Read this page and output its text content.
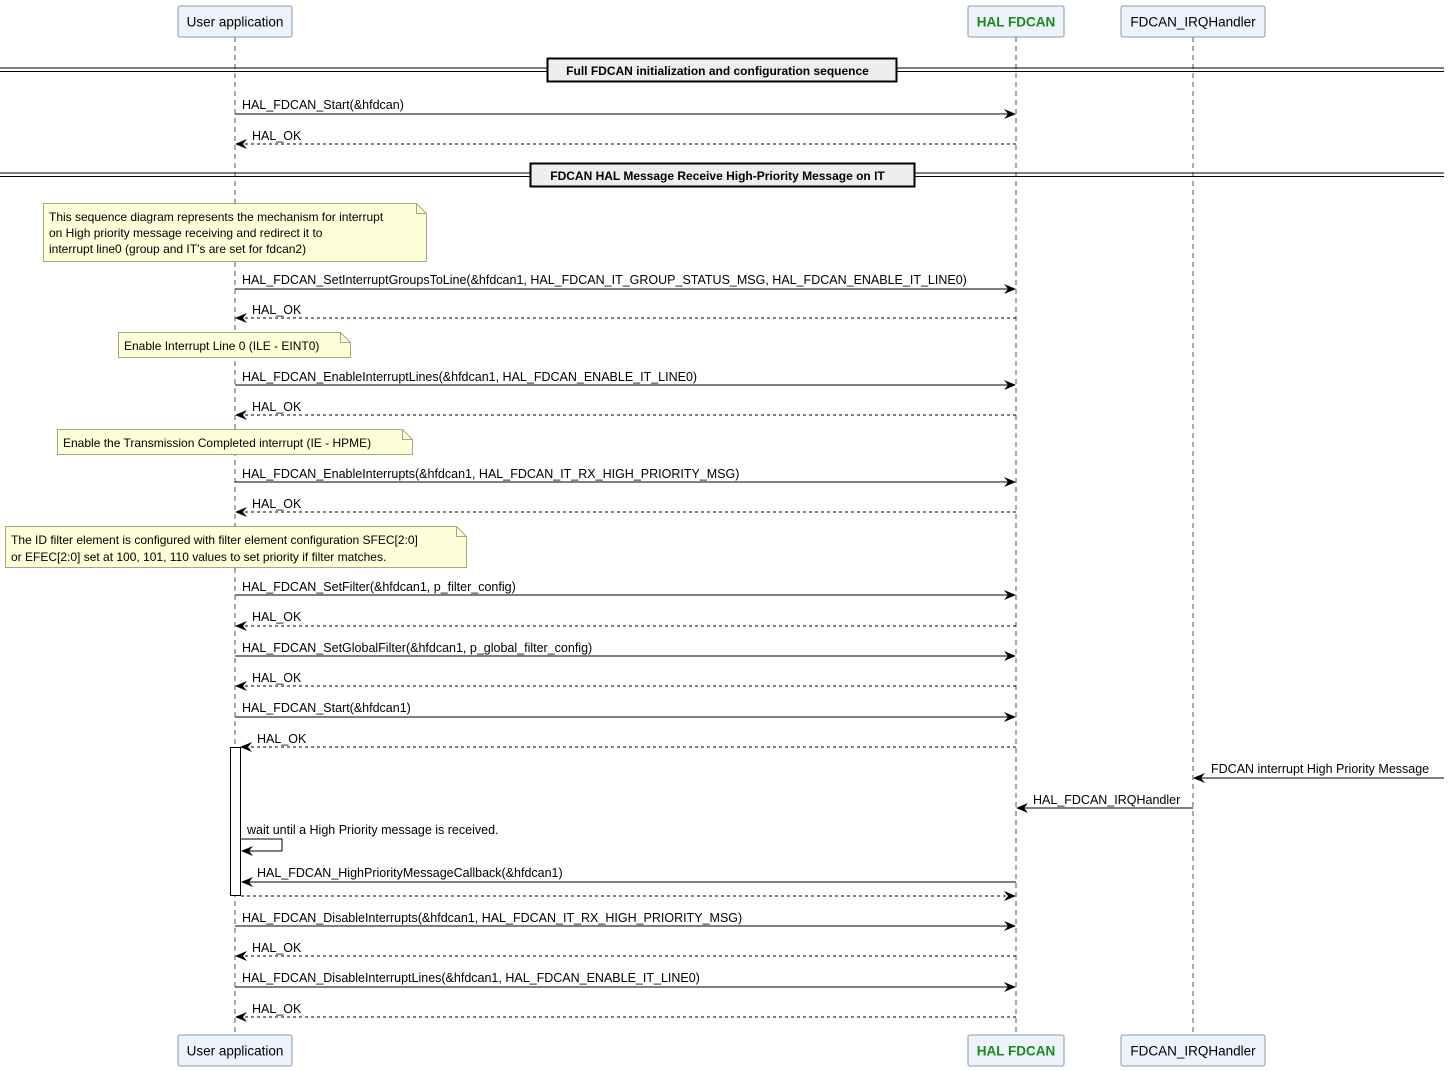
User application	HAL FDCAN	FDCAN_IRQHandler
Full FDCAN initialization and configuration sequence
HAL_FDCAN_Start(&hfdcan)
HAL_OK
FDCAN HAL Message Receive High-Priority Message on IT
This sequence diagram represents the mechanism for interrupt
on High priority message receiving and redirect it to
interrupt line0 (group and IT's are set for fdcan2)
HAL_FDCAN_SetInterruptGroupsToLine(&hfdcan1, HAL_FDCAN_IT_GROUP_STATUS_MSG, HAL_FDCAN_ENABLE_IT_LINE0)
HAL_OK
Enable Interrupt Line 0 (ILE - EINT0)
HAL_FDCAN_EnableInterruptLines(&hfdcan1, HAL_FDCAN_ENABLE_IT_LINE0)
HAL_OK
Enable the Transmission Completed interrupt (IE - HPME)
HAL_FDCAN_EnableInterrupts(&hfdcan1, HAL_FDCAN_IT_RX_HIGH_PRIORITY_MSG)
HAL_OK
The ID filter element is configured with filter element configuration SFEC[2:0]
or EFEC[2:0] set at 100, 101, 110 values to set priority if filter matches.
HAL_FDCAN_SetFilter(&hfdcan1, p_filter_config)
HAL_OK
HAL_FDCAN_SetGlobalFilter(&hfdcan1, p_global_filter_config)
HAL_OK
HAL_FDCAN_Start(&hfdcan1)
HAL_OK
FDCAN interrupt High Priority Message
HAL_FDCAN_IRQHandler
wait until a High Priority message is received.
HAL_FDCAN_HighPriorityMessageCallback(&hfdcan1)
HAL_FDCAN_DisableInterrupts(&hfdcan1, HAL_FDCAN_IT_RX_HIGH_PRIORITY_MSG)
HAL_OK
HAL_FDCAN_DisableInterruptLines(&hfdcan1, HAL_FDCAN_ENABLE_IT_LINE0)
HAL_OK
User application	HAL FDCAN	FDCAN_IRQHandler
